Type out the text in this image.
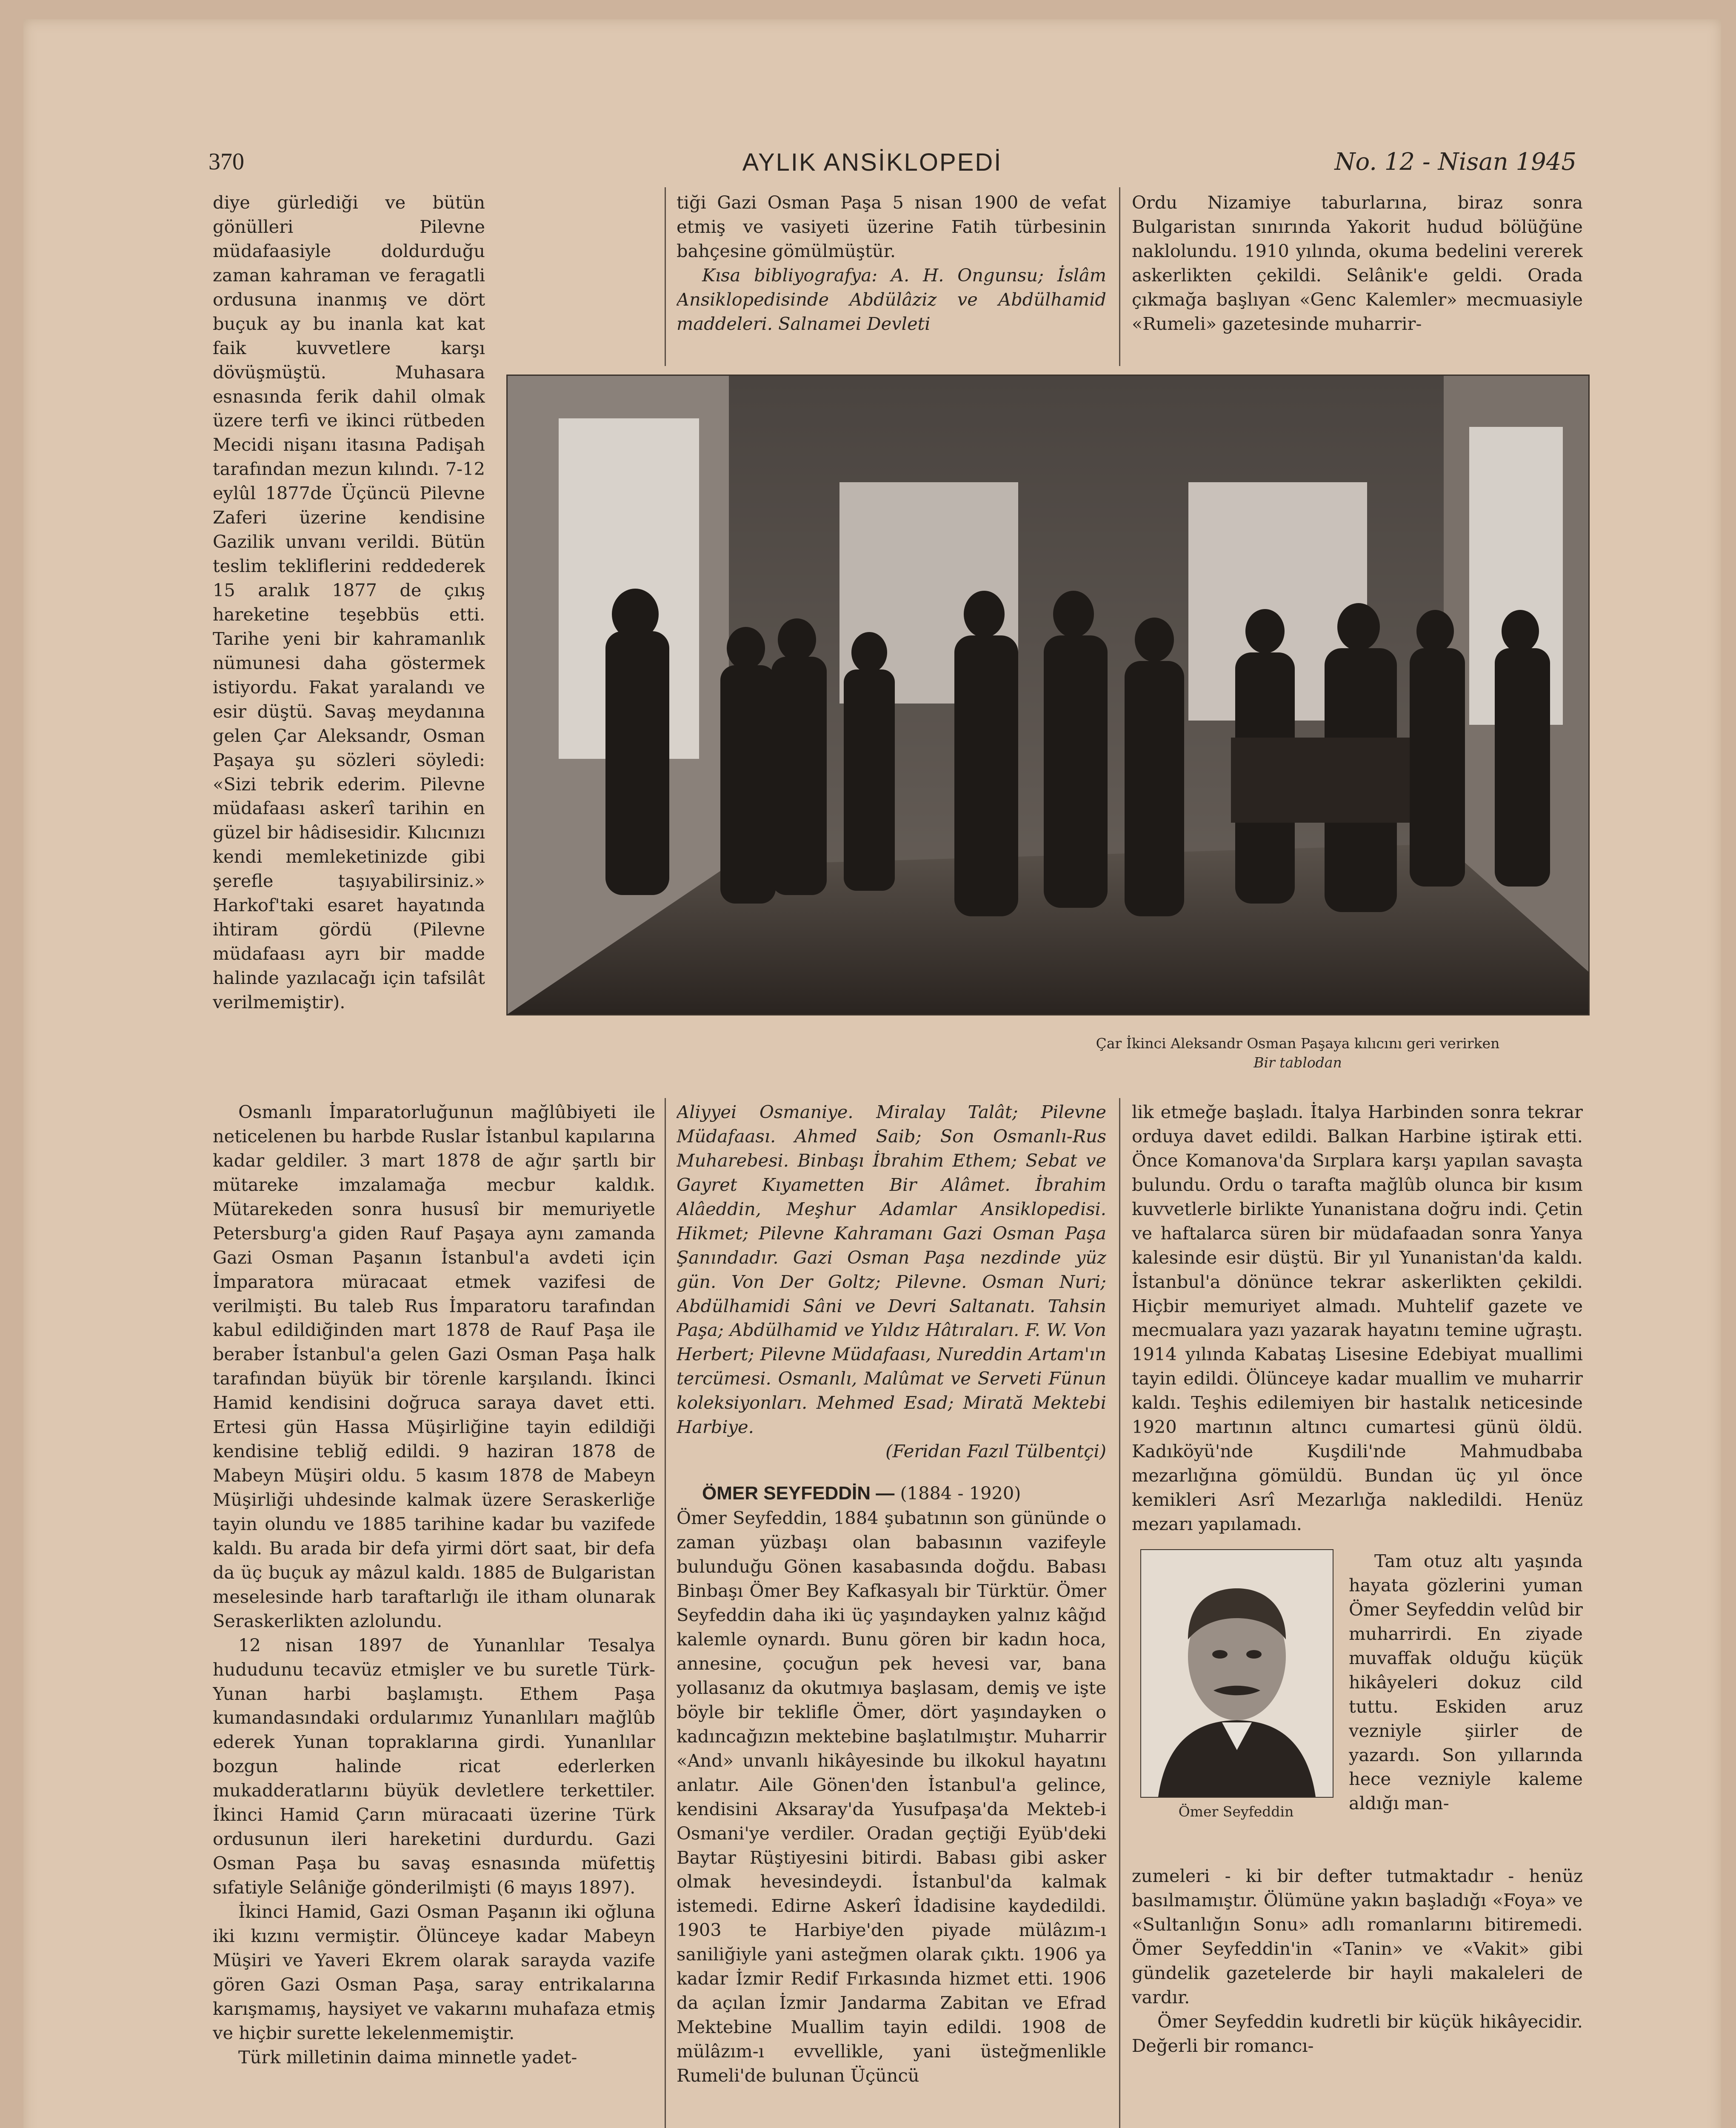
370	AYLIK ANSİKLOPEDİ	No. 12 - Nisan 1945

diye gürlediği ve bütün gönülleri Pilevne müdafaasiyle doldurduğu zaman kahraman ve feragatli ordusuna inanmış ve dört buçuk ay bu inanla kat kat faik kuvvetlere karşı dövüşmüştü. Muhasara esnasında ferik dahil olmak üzere terfi ve ikinci rütbeden Mecidi nişanı itasına Padişah tarafından mezun kılındı. 7-12 eylûl 1877de Üçüncü Pilevne Zaferi üzerine kendisine Gazilik unvanı verildi. Bütün teslim tekliflerini reddederek 15 aralık 1877 de çıkış hareketine teşebbüs etti. Tarihe yeni bir kahramanlık nümunesi daha göstermek istiyordu. Fakat yaralandı ve esir düştü. Savaş meydanına gelen Çar Aleksandr, Osman Paşaya şu sözleri söyledi: «Sizi tebrik ederim. Pilevne müdafaası askerî tarihin en güzel bir hâdisesidir. Kılıcınızı kendi memleketinizde gibi şerefle taşıyabilirsiniz.» Harkof'taki esaret hayatında ihtiram gördü (Pilevne müdafaası ayrı bir madde halinde yazılacağı için tafsilât verilmemiştir).

tiği Gazi Osman Paşa 5 nisan 1900 de vefat etmiş ve vasiyeti üzerine Fatih türbesinin bahçesine gömülmüştür.

Kısa bibliyografya: A. H. Ongunsu; İslâm Ansiklopedisinde Abdülâziz ve Abdülhamid maddeleri. Salnamei Devleti

Ordu Nizamiye taburlarına, biraz sonra Bulgaristan sınırında Yakorit hudud bölüğüne naklolundu. 1910 yılında, okuma bedelini vererek askerlikten çekildi. Selânik'e geldi. Orada çıkmağa başlıyan «Genc Kalemler» mecmuasiyle «Rumeli» gazetesinde muharrir-

Çar İkinci Aleksandr Osman Paşaya kılıcını geri verirken
Bir tablodan

Osmanlı İmparatorluğunun mağlûbiyeti ile neticelenen bu harbde Ruslar İstanbul kapılarına kadar geldiler. 3 mart 1878 de ağır şartlı bir mütareke imzalamağa mecbur kaldık. Mütarekeden sonra hususî bir memuriyetle Petersburg'a giden Rauf Paşaya aynı zamanda Gazi Osman Paşanın İstanbul'a avdeti için İmparatora müracaat etmek vazifesi de verilmişti. Bu taleb Rus İmparatoru tarafından kabul edildiğinden mart 1878 de Rauf Paşa ile beraber İstanbul'a gelen Gazi Osman Paşa halk tarafından büyük bir törenle karşılandı. İkinci Hamid kendisini doğruca saraya davet etti. Ertesi gün Hassa Müşirliğine tayin edildiği kendisine tebliğ edildi. 9 haziran 1878 de Mabeyn Müşiri oldu. 5 kasım 1878 de Mabeyn Müşirliği uhdesinde kalmak üzere Seraskerliğe tayin olundu ve 1885 tarihine kadar bu vazifede kaldı. Bu arada bir defa yirmi dört saat, bir defa da üç buçuk ay mâzul kaldı. 1885 de Bulgaristan meselesinde harb taraftarlığı ile itham olunarak Seraskerlikten azlolundu.

12 nisan 1897 de Yunanlılar Tesalya hududunu tecavüz etmişler ve bu suretle Türk-Yunan harbi başlamıştı. Ethem Paşa kumandasındaki ordularımız Yunanlıları mağlûb ederek Yunan topraklarına girdi. Yunanlılar bozgun halinde ricat ederlerken mukadderatlarını büyük devletlere terkettiler. İkinci Hamid Çarın müracaati üzerine Türk ordusunun ileri hareketini durdurdu. Gazi Osman Paşa bu savaş esnasında müfettiş sıfatiyle Selâniğe gönderilmişti (6 mayıs 1897).

İkinci Hamid, Gazi Osman Paşanın iki oğluna iki kızını vermiştir. Ölünceye kadar Mabeyn Müşiri ve Yaveri Ekrem olarak sarayda vazife gören Gazi Osman Paşa, saray entrikalarına karışmamış, haysiyet ve vakarını muhafaza etmiş ve hiçbir surette lekelenmemiştir.

Türk milletinin daima minnetle yadet-

Aliyyei Osmaniye. Miralay Talât; Pilevne Müdafaası. Ahmed Saib; Son Osmanlı-Rus Muharebesi. Binbaşı İbrahim Ethem; Sebat ve Gayret Kıyametten Bir Alâmet. İbrahim Alâeddin, Meşhur Adamlar Ansiklopedisi. Hikmet; Pilevne Kahramanı Gazi Osman Paşa Şanındadır. Gazi Osman Paşa nezdinde yüz gün. Von Der Goltz; Pilevne. Osman Nuri; Abdülhamidi Sâni ve Devri Saltanatı. Tahsin Paşa; Abdülhamid ve Yıldız Hâtıraları. F. W. Von Herbert; Pilevne Müdafaası, Nureddin Artam'ın tercümesi. Osmanlı, Malûmat ve Serveti Fünun koleksiyonları. Mehmed Esad; Mirată Mektebi Harbiye.

(Feridan Fazıl Tülbentçi)

ÖMER SEYFEDDİN — (1884 - 1920)

Ömer Seyfeddin, 1884 şubatının son gününde o zaman yüzbaşı olan babasının vazifeyle bulunduğu Gönen kasabasında doğdu. Babası Binbaşı Ömer Bey Kafkasyalı bir Türktür. Ömer Seyfeddin daha iki üç yaşındayken yalnız kâğıd kalemle oynardı. Bunu gören bir kadın hoca, annesine, çocuğun pek hevesi var, bana yollasanız da okutmıya başlasam, demiş ve işte böyle bir teklifle Ömer, dört yaşındayken o kadıncağızın mektebine başlatılmıştır. Muharrir «And» unvanlı hikâyesinde bu ilkokul hayatını anlatır. Aile Gönen'den İstanbul'a gelince, kendisini Aksaray'da Yusufpaşa'da Mekteb-i Osmani'ye verdiler. Oradan geçtiği Eyüb'deki Baytar Rüştiyesini bitirdi. Babası gibi asker olmak hevesindeydi. İstanbul'da kalmak istemedi. Edirne Askerî İdadisine kaydedildi. 1903 te Harbiye'den piyade mülâzım-ı saniliğiyle yani asteğmen olarak çıktı. 1906 ya kadar İzmir Redif Fırkasında hizmet etti. 1906 da açılan İzmir Jandarma Zabitan ve Efrad Mektebine Muallim tayin edildi. 1908 de mülâzım-ı evvellikle, yani üsteğmenlikle Rumeli'de bulunan Üçüncü

lik etmeğe başladı. İtalya Harbinden sonra tekrar orduya davet edildi. Balkan Harbine iştirak etti. Önce Komanova'da Sırplara karşı yapılan savaşta bulundu. Ordu o tarafta mağlûb olunca bir kısım kuvvetlerle birlikte Yunanistana doğru indi. Çetin ve haftalarca süren bir müdafaadan sonra Yanya kalesinde esir düştü. Bir yıl Yunanistan'da kaldı. İstanbul'a dönünce tekrar askerlikten çekildi. Hiçbir memuriyet almadı. Muhtelif gazete ve mecmualara yazı yazarak hayatını temine uğraştı. 1914 yılında Kabataş Lisesine Edebiyat muallimi tayin edildi. Ölünceye kadar muallim ve muharrir kaldı. Teşhis edilemiyen bir hastalık neticesinde 1920 martının altıncı cumartesi günü öldü. Kadıköyü'nde Kuşdili'nde Mahmudbaba mezarlığına gömüldü. Bundan üç yıl önce kemikleri Asrî Mezarlığa nakledildi. Henüz mezarı yapılamadı.

Ömer Seyfeddin

Tam otuz altı yaşında hayata gözlerini yuman Ömer Seyfeddin velûd bir muharrirdi. En ziyade muvaffak olduğu küçük hikâyeleri dokuz cild tuttu. Eskiden aruz vezniyle şiirler de yazardı. Son yıllarında hece vezniyle kaleme aldığı man-

zumeleri - ki bir defter tutmaktadır - henüz basılmamıştır. Ölümüne yakın başladığı «Foya» ve «Sultanlığın Sonu» adlı romanlarını bitiremedi. Ömer Seyfeddin'in «Tanin» ve «Vakit» gibi gündelik gazetelerde bir hayli makaleleri de vardır.

Ömer Seyfeddin kudretli bir küçük hikâyecidir. Değerli bir romancı-
